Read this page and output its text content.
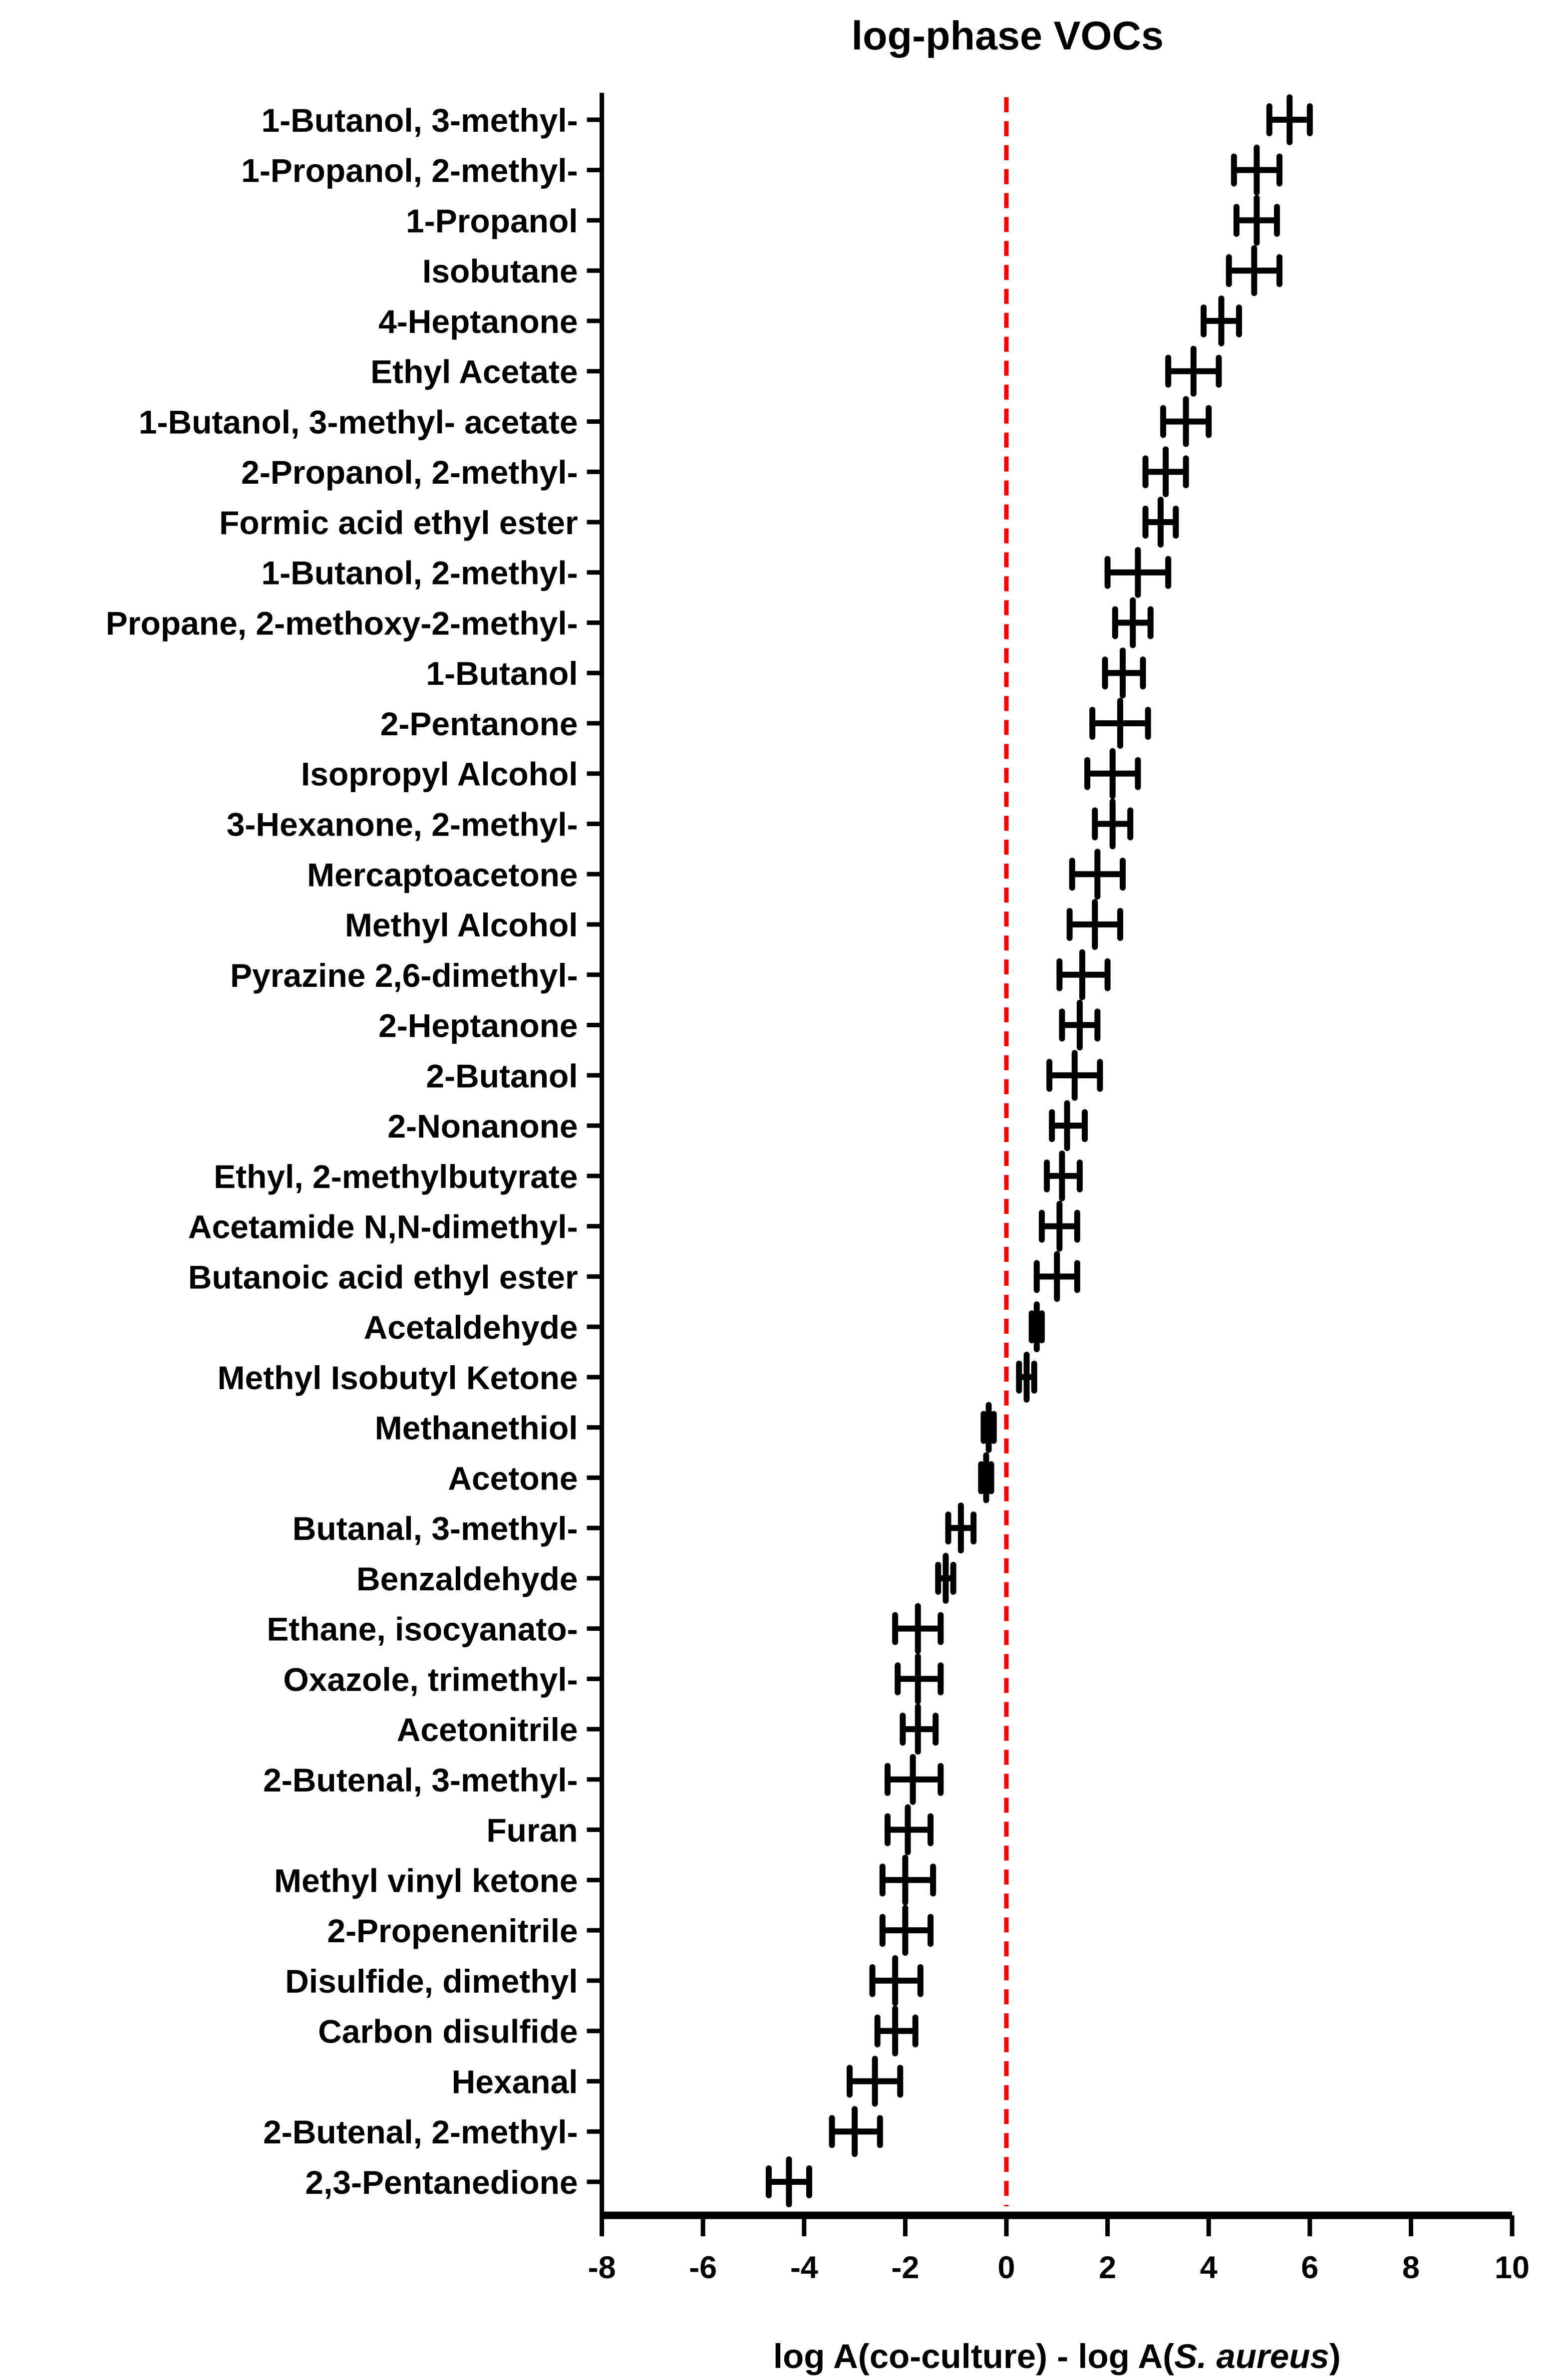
log-phase VOCs
1-Butanol, 3-methyl-
1-Propanol, 2-methyl-
1-Propanol
Isobutane
4-Heptanone
Ethyl Acetate
1-Butanol, 3-methyl- acetate
2-Propanol, 2-methyl-
Formic acid ethyl ester
1-Butanol, 2-methyl-
Propane, 2-methoxy-2-methyl-
1-Butanol
2-Pentanone
Isopropyl Alcohol
3-Hexanone, 2-methyl-
Mercaptoacetone
Methyl Alcohol
Pyrazine 2,6-dimethyl-
2-Heptanone
2-Butanol
2-Nonanone
Ethyl, 2-methylbutyrate
Acetamide N,N-dimethyl-
Butanoic acid ethyl ester
Acetaldehyde
Methyl Isobutyl Ketone
Methanethiol
Acetone
Butanal, 3-methyl-
Benzaldehyde
Ethane, isocyanato-
Oxazole, trimethyl-
Acetonitrile
2-Butenal, 3-methyl-
Furan
Methyl vinyl ketone
2-Propenenitrile
Disulfide, dimethyl
Carbon disulfide
Hexanal
2-Butenal, 2-methyl-
2,3-Pentanedione
-8	-6	-4	-2	0	2	4	6	8	10
log A(co-culture) - log A(S. aureus)
